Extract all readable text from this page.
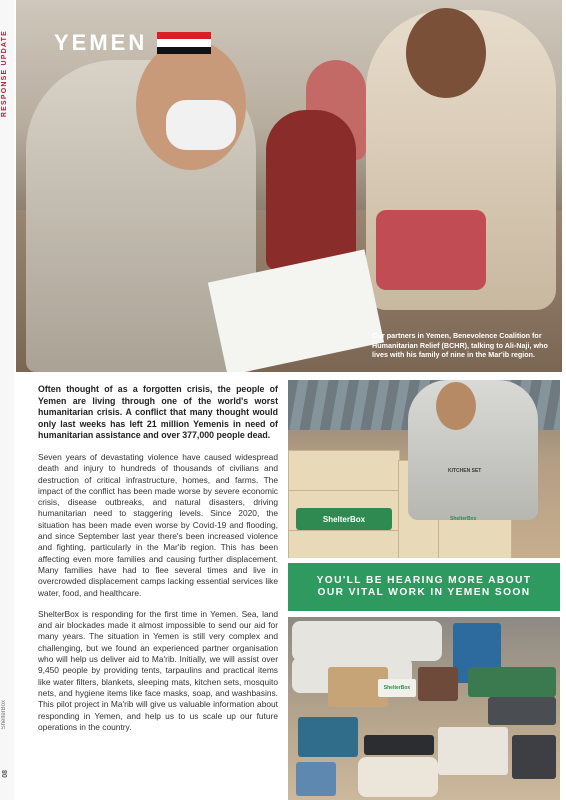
RESPONSE UPDATE
ShelterBox
08
YEMEN
Our partners in Yemen, Benevolence Coalition for Humanitarian Relief (BCHR), talking to Ali-Naji, who lives with his family of nine in the Mar'ib region.

Often thought of as a forgotten crisis, the people of Yemen are living through one of the world's worst humanitarian crisis. A conflict that many thought would only last weeks has left 21 million Yemenis in need of humanitarian assistance and over 377,000 people dead.

Seven years of devastating violence have caused widespread death and injury to hundreds of thousands of civilians and destruction of critical infrastructure, homes, and farms. The impact of the conflict has been made worse by severe economic crisis, disease outbreaks, and natural disasters, driving humanitarian need to staggering levels. Since 2020, the situation has been made even worse by Covid-19 and flooding, and since September last year there's been increased violence and fighting, particularly in the Mar'ib region. This has been affecting even more families and causing further displacement. Many families have had to flee several times and live in overcrowded displacement camps lacking essential services like water, food, and healthcare.

ShelterBox is responding for the first time in Yemen. Sea, land and air blockades made it almost impossible to send our aid for many years. The situation in Yemen is still very complex and challenging, but we found an experienced partner organisation who will help us deliver aid to Ma'rib. Initially, we will assist over 9,450 people by providing tents, tarpaulins and practical items like water filters, blankets, sleeping mats, kitchen sets, mosquito nets, and hygiene items like face masks, soap, and washbasins. This pilot project in Ma'rib will give us valuable information about responding in Yemen, and help us to us scale up our future operations in the country.

ShelterBox
KITCHEN SET
ShelterBox
YOU'LL BE HEARING MORE ABOUT OUR VITAL WORK IN YEMEN SOON
ShelterBox
